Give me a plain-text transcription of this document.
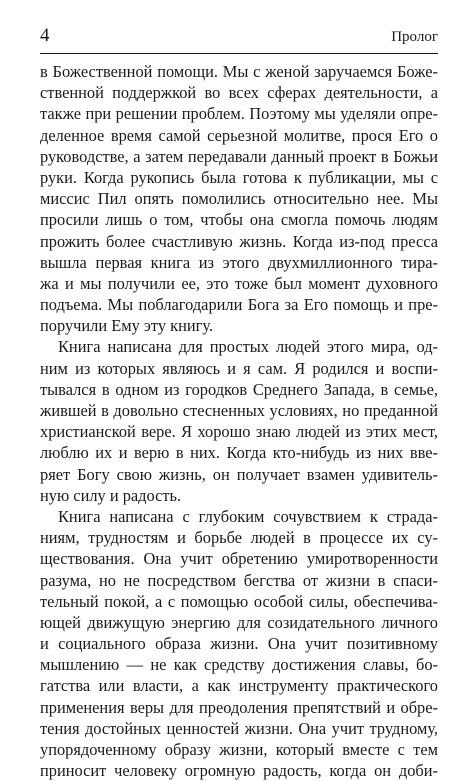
4	Пролог
в Божественной помощи. Мы с женой заручаемся Боже-
ственной поддержкой во всех сферах деятельности, а
также при решении проблем. Поэтому мы уделяли опре-
деленное время самой серьезной молитве, прося Его о
руководстве, а затем передавали данный проект в Божьи
руки. Когда рукопись была готова к публикации, мы с
миссис Пил опять помолились относительно нее. Мы
просили лишь о том, чтобы она смогла помочь людям
прожить более счастливую жизнь. Когда из-под пресса
вышла первая книга из этого двухмиллионного тира-
жа и мы получили ее, это тоже был момент духовного
подъема. Мы поблагодарили Бога за Его помощь и пре-
поручили Ему эту книгу.
Книга написана для простых людей этого мира, од-
ним из которых являюсь и я сам. Я родился и воспи-
тывался в одном из городков Среднего Запада, в семье,
жившей в довольно стесненных условиях, но преданной
христианской вере. Я хорошо знаю людей из этих мест,
люблю их и верю в них. Когда кто-нибудь из них вве-
ряет Богу свою жизнь, он получает взамен удивитель-
ную силу и радость.
Книга написана с глубоким сочувствием к страда-
ниям, трудностям и борьбе людей в процессе их су-
ществования. Она учит обретению умиротворенности
разума, но не посредством бегства от жизни в спаси-
тельный покой, а с помощью особой силы, обеспечива-
ющей движущую энергию для созидательного личного
и социального образа жизни. Она учит позитивному
мышлению — не как средству достижения славы, бо-
гатства или власти, а как инструменту практического
применения веры для преодоления препятствий и обре-
тения достойных ценностей жизни. Она учит трудному,
упорядоченному образу жизни, который вместе с тем
приносит человеку огромную радость, когда он доби-
